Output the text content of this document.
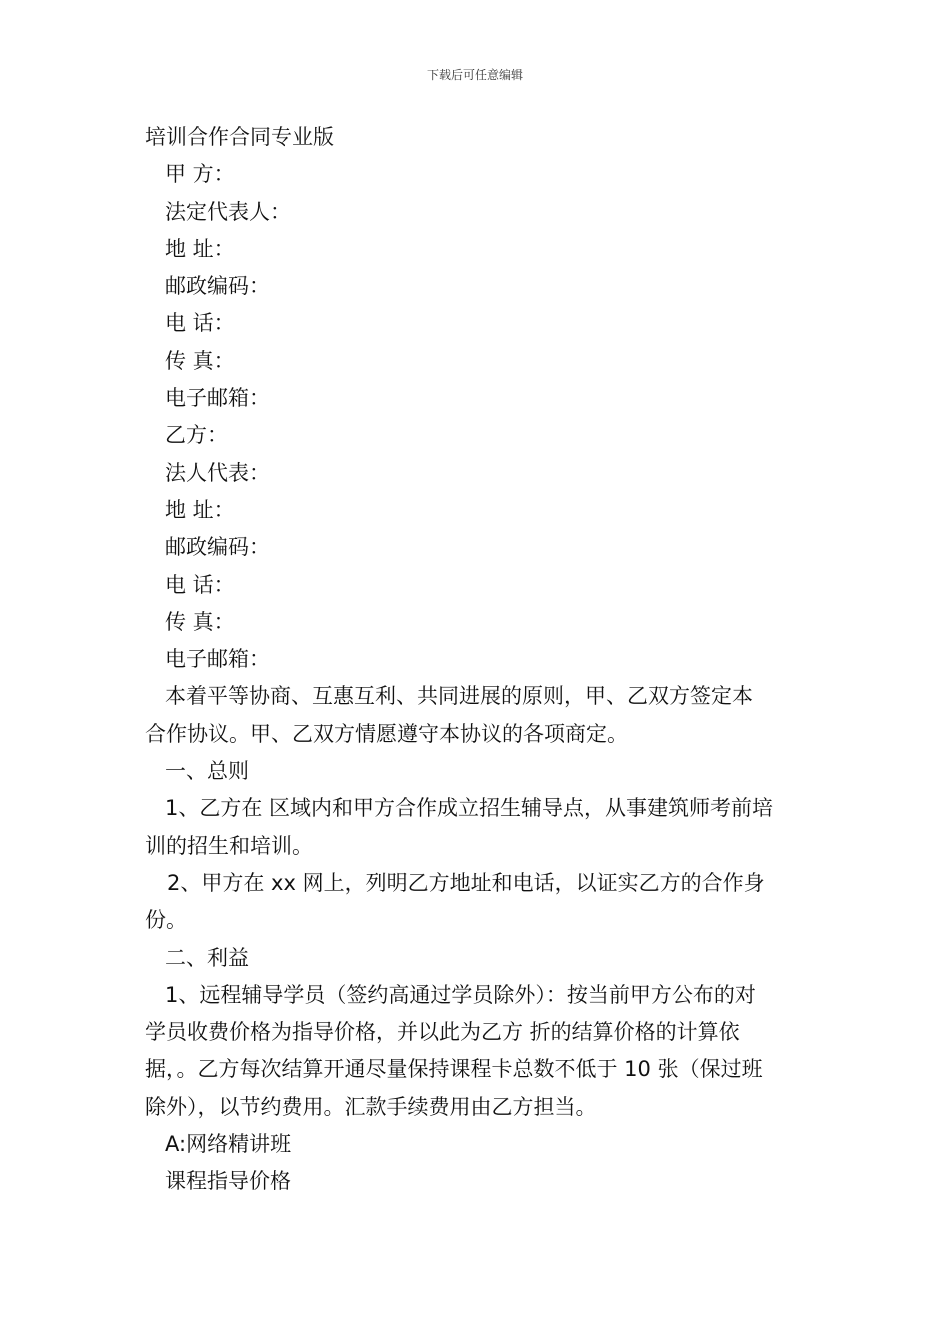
下载后可任意编辑
培训合作合同专业版
甲 方：
法定代表人：
地 址：
邮政编码：
电 话：
传 真：
电子邮箱：
乙方：
法人代表：
地 址：
邮政编码：
电 话：
传 真：
电子邮箱：
本着平等协商、互惠互利、共同进展的原则，甲、乙双方签定本
合作协议。甲、乙双方情愿遵守本协议的各项商定。
一、总则
1、乙方在 区域内和甲方合作成立招生辅导点，从事建筑师考前培
训的招生和培训。
2、甲方在 xx 网上，列明乙方地址和电话，以证实乙方的合作身
份。
二、利益
1、远程辅导学员（签约高通过学员除外）：按当前甲方公布的对
学员收费价格为指导价格，并以此为乙方 折的结算价格的计算依
据，。乙方每次结算开通尽量保持课程卡总数不低于 10 张（保过班
除外），以节约费用。汇款手续费用由乙方担当。
A:网络精讲班
课程指导价格
